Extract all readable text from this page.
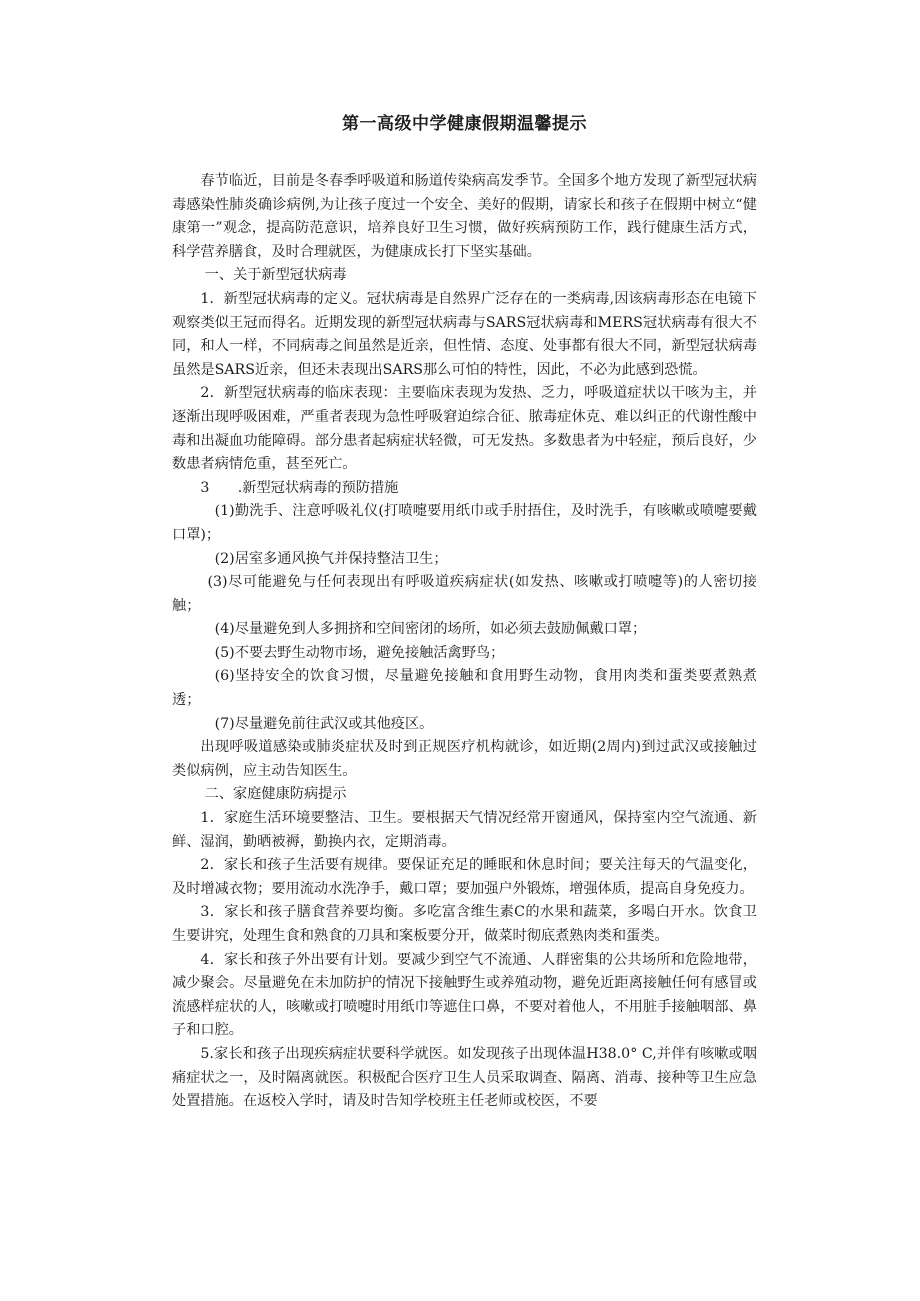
第一高级中学健康假期温馨提示

春节临近，目前是冬春季呼吸道和肠道传染病高发季节。全国多个地方发现了新型冠状病毒感染性肺炎确诊病例,为让孩子度过一个安全、美好的假期，请家长和孩子在假期中树立“健康第一”观念，提高防范意识，培养良好卫生习惯，做好疾病预防工作，践行健康生活方式，科学营养膳食，及时合理就医，为健康成长打下坚实基础。

一、关于新型冠状病毒

1．新型冠状病毒的定义。冠状病毒是自然界广泛存在的一类病毒,因该病毒形态在电镜下观察类似王冠而得名。近期发现的新型冠状病毒与SARS冠状病毒和MERS冠状病毒有很大不同，和人一样，不同病毒之间虽然是近亲，但性情、态度、处事都有很大不同，新型冠状病毒虽然是SARS近亲，但还未表现出SARS那么可怕的特性，因此，不必为此感到恐慌。

2．新型冠状病毒的临床表现：主要临床表现为发热、乏力，呼吸道症状以干咳为主，并逐渐出现呼吸困难，严重者表现为急性呼吸窘迫综合征、脓毒症休克、难以纠正的代谢性酸中毒和出凝血功能障碍。部分患者起病症状轻微，可无发热。多数患者为中轻症，预后良好，少数患者病情危重，甚至死亡。

3　　.新型冠状病毒的预防措施

(1)勤洗手、注意呼吸礼仪(打喷嚏要用纸巾或手肘捂住，及时洗手，有咳嗽或喷嚏要戴口罩)；

(2)居室多通风换气并保持整洁卫生；

(3)尽可能避免与任何表现出有呼吸道疾病症状(如发热、咳嗽或打喷嚏等)的人密切接触；

(4)尽量避免到人多拥挤和空间密闭的场所，如必须去鼓励佩戴口罩；

(5)不要去野生动物市场，避免接触活禽野鸟；

(6)坚持安全的饮食习惯，尽量避免接触和食用野生动物，食用肉类和蛋类要煮熟煮透；

(7)尽量避免前往武汉或其他疫区。

出现呼吸道感染或肺炎症状及时到正规医疗机构就诊，如近期(2周内)到过武汉或接触过类似病例，应主动告知医生。

二、家庭健康防病提示

1．家庭生活环境要整洁、卫生。要根据天气情况经常开窗通风，保持室内空气流通、新鲜、湿润，勤晒被褥，勤换内衣，定期消毒。

2．家长和孩子生活要有规律。要保证充足的睡眠和休息时间；要关注每天的气温变化，及时增减衣物；要用流动水洗净手，戴口罩；要加强户外锻炼，增强体质，提高自身免疫力。

3．家长和孩子膳食营养要均衡。多吃富含维生素C的水果和蔬菜，多喝白开水。饮食卫生要讲究，处理生食和熟食的刀具和案板要分开，做菜时彻底煮熟肉类和蛋类。

4．家长和孩子外出要有计划。要减少到空气不流通、人群密集的公共场所和危险地带，减少聚会。尽量避免在未加防护的情况下接触野生或养殖动物，避免近距离接触任何有感冒或流感样症状的人，咳嗽或打喷嚏时用纸巾等遮住口鼻，不要对着他人，不用脏手接触咽部、鼻子和口腔。

5.家长和孩子出现疾病症状要科学就医。如发现孩子出现体温H38.0° C,并伴有咳嗽或咽痛症状之一，及时隔离就医。积极配合医疗卫生人员采取调查、隔离、消毒、接种等卫生应急处置措施。在返校入学时，请及时告知学校班主任老师或校医，不要
